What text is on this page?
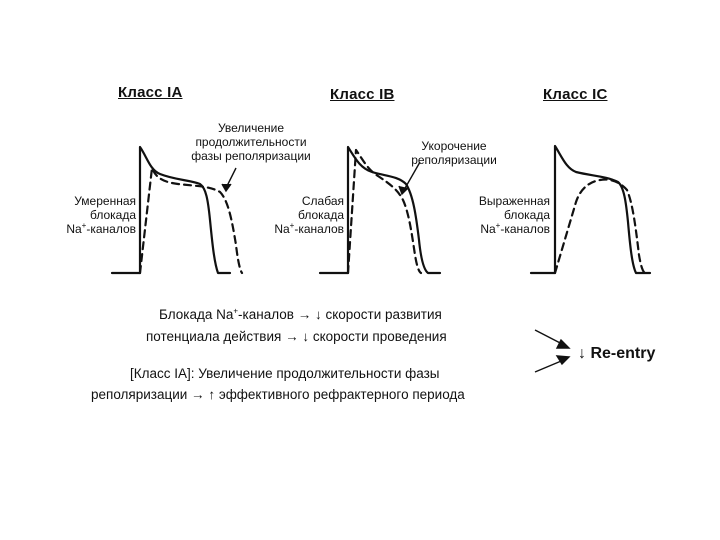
Класс IA	Класс IB	Класс IC
Увеличение
продолжительности
фазы реполяризации
Умеренная
блокада
Na+-каналов
Укорочение
реполяризации
Слабая
блокада
Na+-каналов
Выраженная
блокада
Na+-каналов
Блокада Na+-каналов → ↓ скорости развития
потенциала действия → ↓ скорости проведения
[Класс IA]: Увеличение продолжительности фазы
реполяризации → ↑ эффективного рефрактерного периода
↓ Re-entry
